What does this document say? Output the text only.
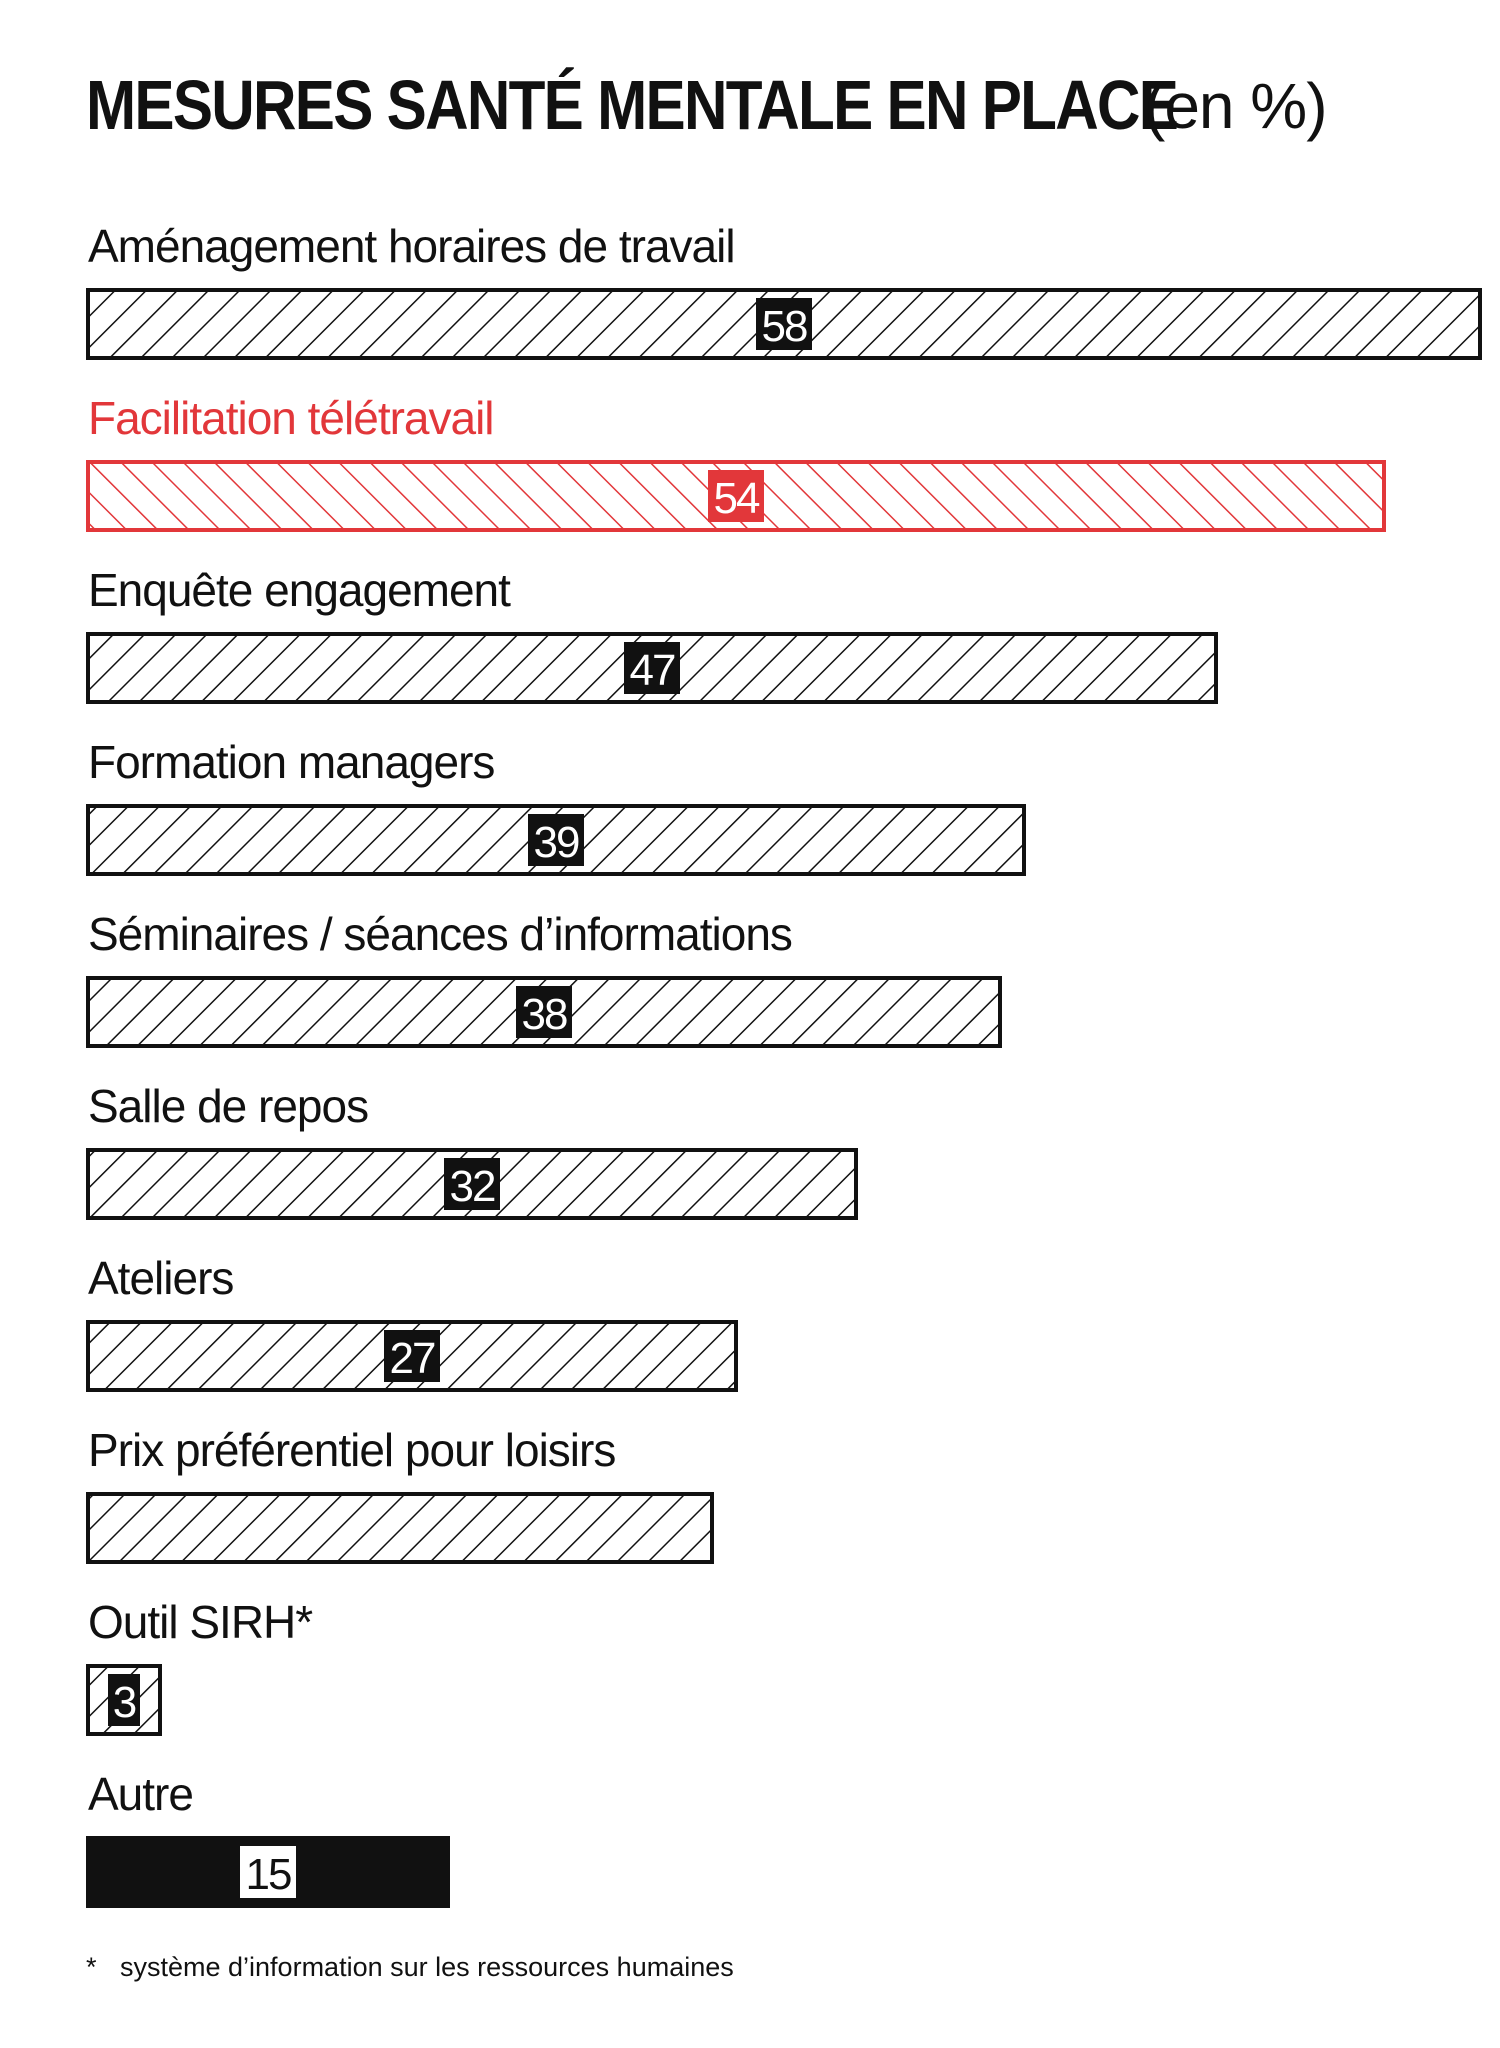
MESURES SANTÉ MENTALE EN PLACE
(en %)
Aménagement horaires de travail
58
Facilitation télétravail
54
Enquête engagement
47
Formation managers
39
Séminaires / séances d’informations
38
Salle de repos
32
Ateliers
27
Prix préférentiel pour loisirs
Outil SIRH*
3
Autre
15
* système d’information sur les ressources humaines
